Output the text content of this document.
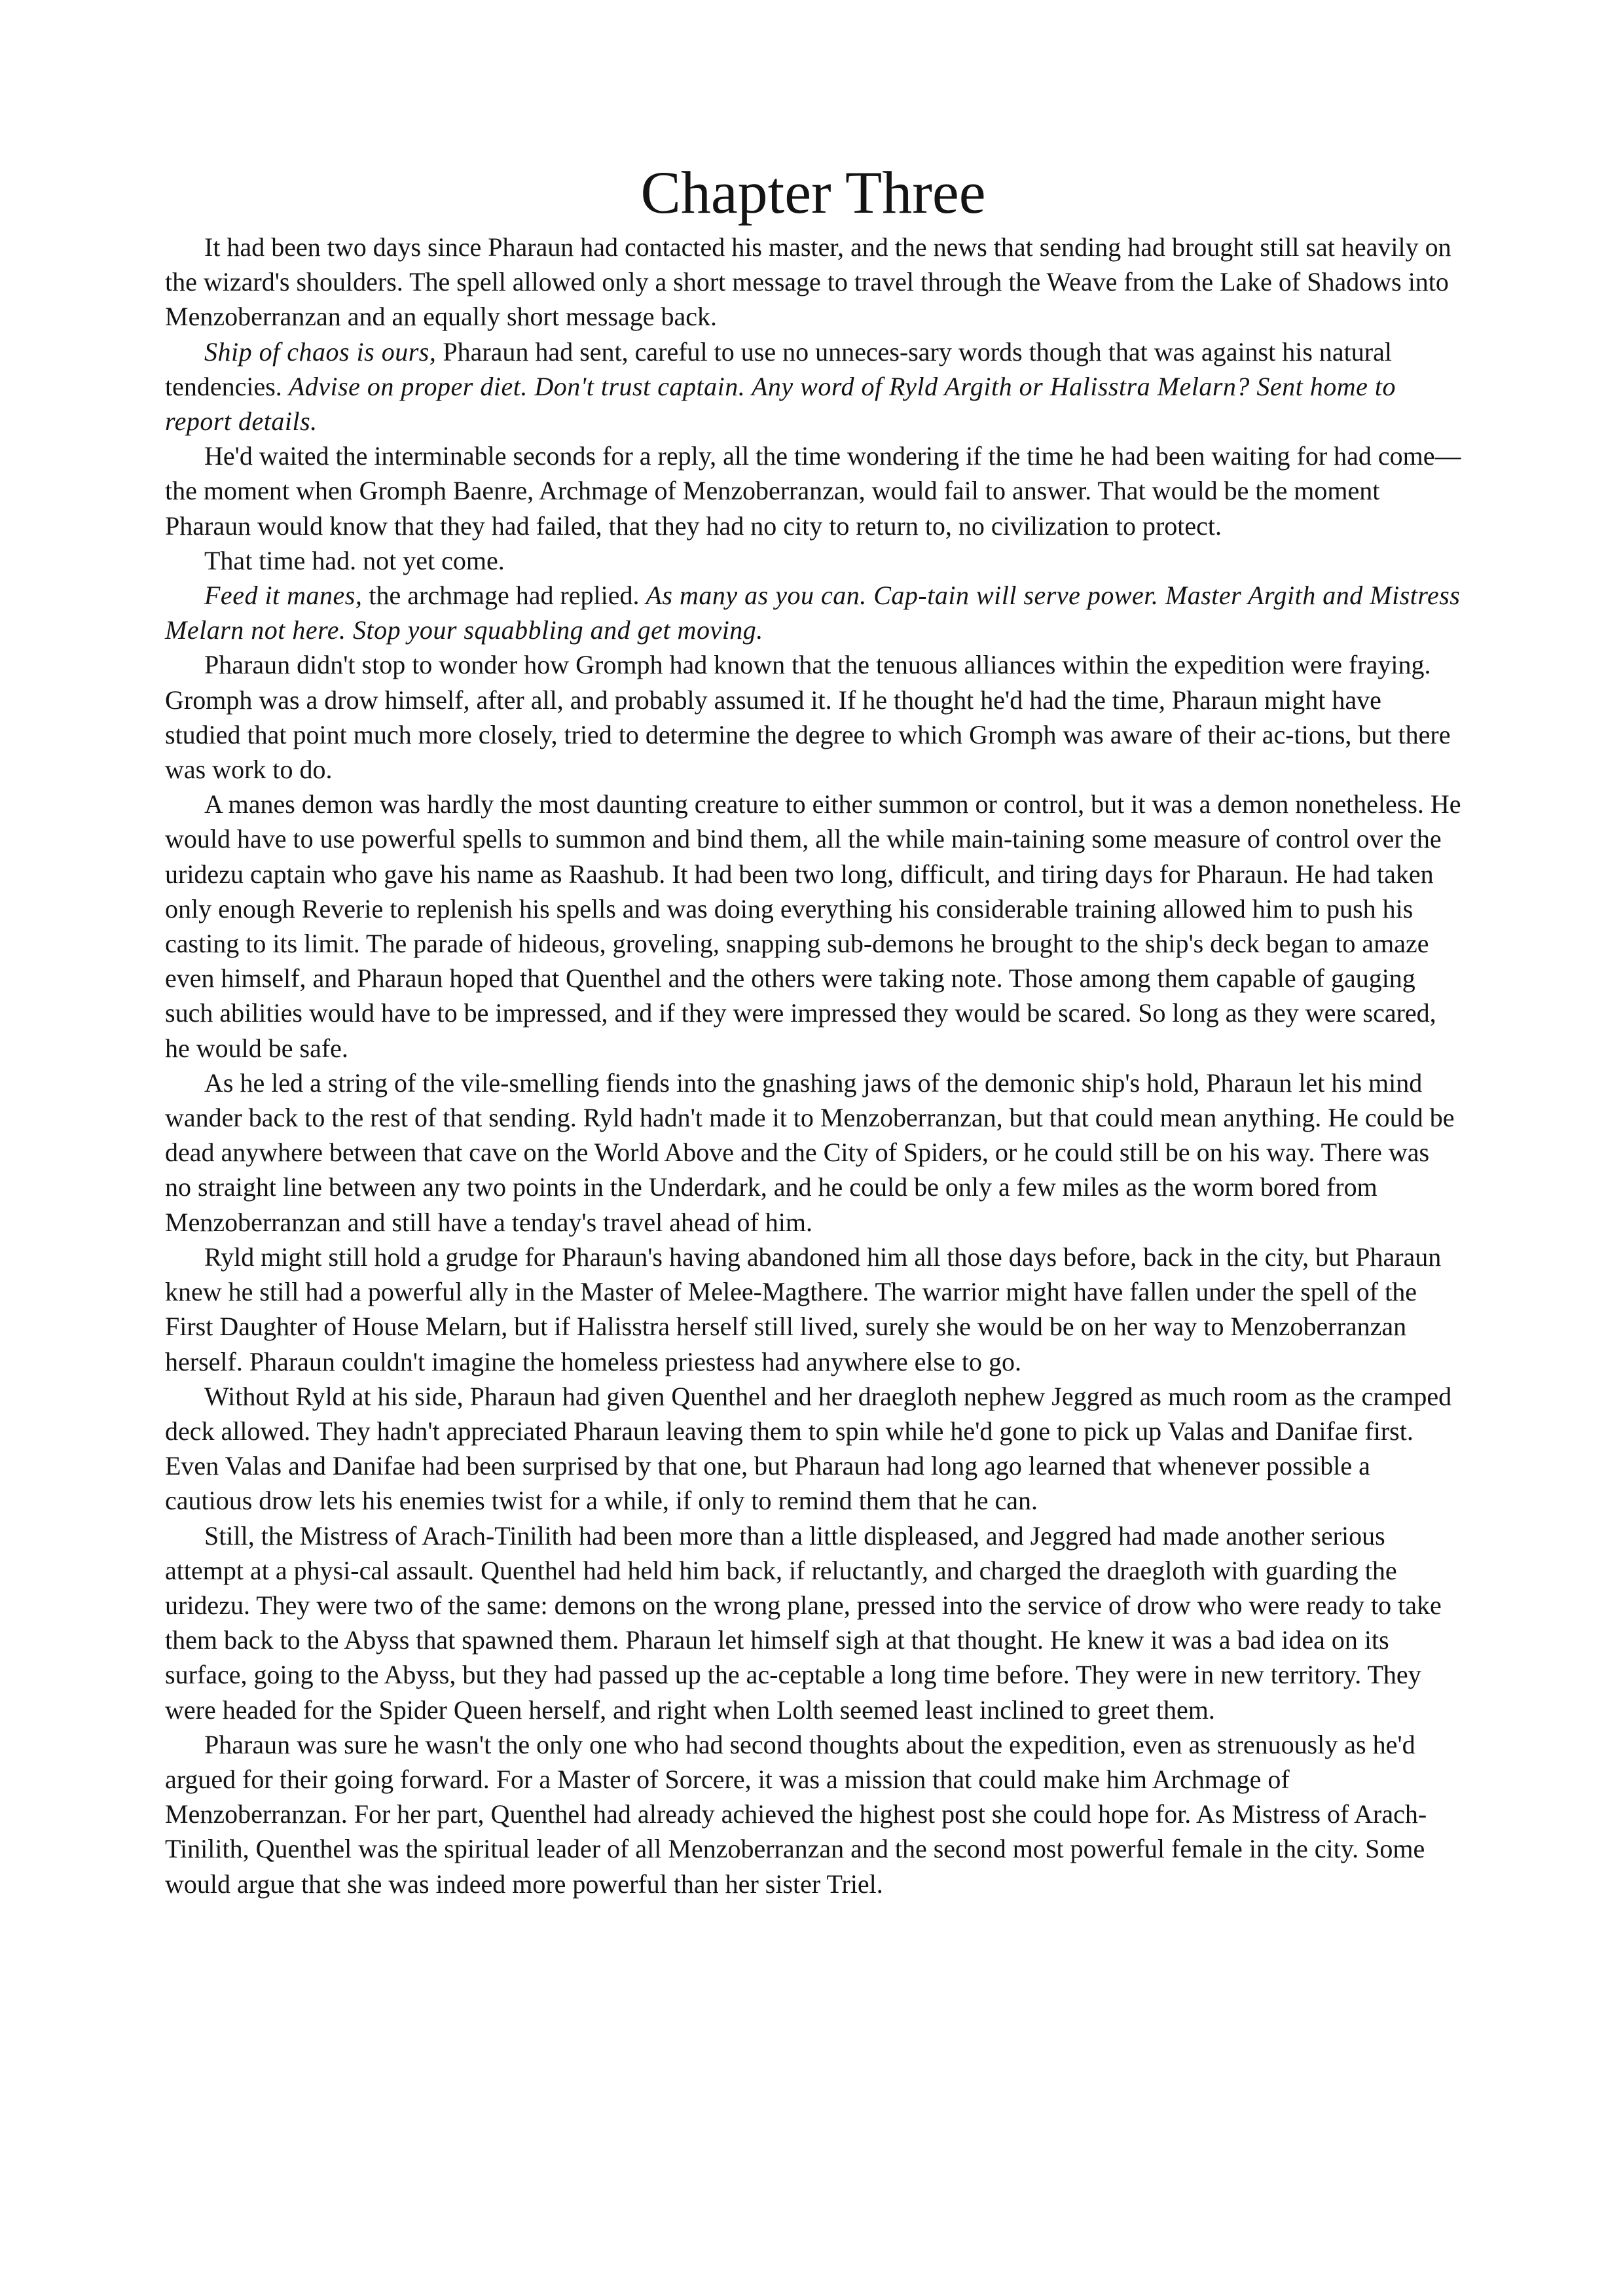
Chapter Three

It had been two days since Pharaun had contacted his master, and the news that sending had brought still sat heavily on the wizard's shoulders. The spell allowed only a short message to travel through the Weave from the Lake of Shadows into Menzoberranzan and an equally short message back.

Ship of chaos is ours, Pharaun had sent, careful to use no unneces-sary words though that was against his natural tendencies. Advise on proper diet. Don't trust captain. Any word of Ryld Argith or Halisstra Melarn? Sent home to report details.

He'd waited the interminable seconds for a reply, all the time wondering if the time he had been waiting for had come—the moment when Gromph Baenre, Archmage of Menzoberranzan, would fail to answer. That would be the moment Pharaun would know that they had failed, that they had no city to return to, no civilization to protect.

That time had. not yet come.

Feed it manes, the archmage had replied. As many as you can. Cap-tain will serve power. Master Argith and Mistress Melarn not here. Stop your squabbling and get moving.

Pharaun didn't stop to wonder how Gromph had known that the tenuous alliances within the expedition were fraying. Gromph was a drow himself, after all, and probably assumed it. If he thought he'd had the time, Pharaun might have studied that point much more closely, tried to determine the degree to which Gromph was aware of their ac-tions, but there was work to do.

A manes demon was hardly the most daunting creature to either summon or control, but it was a demon nonetheless. He would have to use powerful spells to summon and bind them, all the while main-taining some measure of control over the uridezu captain who gave his name as Raashub. It had been two long, difficult, and tiring days for Pharaun. He had taken only enough Reverie to replenish his spells and was doing everything his considerable training allowed him to push his casting to its limit. The parade of hideous, groveling, snapping sub-demons he brought to the ship's deck began to amaze even himself, and Pharaun hoped that Quenthel and the others were taking note. Those among them capable of gauging such abilities would have to be impressed, and if they were impressed they would be scared. So long as they were scared, he would be safe.

As he led a string of the vile-smelling fiends into the gnashing jaws of the demonic ship's hold, Pharaun let his mind wander back to the rest of that sending. Ryld hadn't made it to Menzoberranzan, but that could mean anything. He could be dead anywhere between that cave on the World Above and the City of Spiders, or he could still be on his way. There was no straight line between any two points in the Underdark, and he could be only a few miles as the worm bored from Menzoberranzan and still have a tenday's travel ahead of him.

Ryld might still hold a grudge for Pharaun's having abandoned him all those days before, back in the city, but Pharaun knew he still had a powerful ally in the Master of Melee-Magthere. The warrior might have fallen under the spell of the First Daughter of House Melarn, but if Halisstra herself still lived, surely she would be on her way to Menzoberranzan herself. Pharaun couldn't imagine the homeless priestess had anywhere else to go.

Without Ryld at his side, Pharaun had given Quenthel and her draegloth nephew Jeggred as much room as the cramped deck allowed. They hadn't appreciated Pharaun leaving them to spin while he'd gone to pick up Valas and Danifae first. Even Valas and Danifae had been surprised by that one, but Pharaun had long ago learned that whenever possible a cautious drow lets his enemies twist for a while, if only to remind them that he can.

Still, the Mistress of Arach-Tinilith had been more than a little displeased, and Jeggred had made another serious attempt at a physi-cal assault. Quenthel had held him back, if reluctantly, and charged the draegloth with guarding the uridezu. They were two of the same: demons on the wrong plane, pressed into the service of drow who were ready to take them back to the Abyss that spawned them. Pharaun let himself sigh at that thought. He knew it was a bad idea on its surface, going to the Abyss, but they had passed up the ac-ceptable a long time before. They were in new territory. They were headed for the Spider Queen herself, and right when Lolth seemed least inclined to greet them.

Pharaun was sure he wasn't the only one who had second thoughts about the expedition, even as strenuously as he'd argued for their going forward. For a Master of Sorcere, it was a mission that could make him Archmage of Menzoberranzan. For her part, Quenthel had already achieved the highest post she could hope for. As Mistress of Arach-Tinilith, Quenthel was the spiritual leader of all Menzoberranzan and the second most powerful female in the city. Some would argue that she was indeed more powerful than her sister Triel.
